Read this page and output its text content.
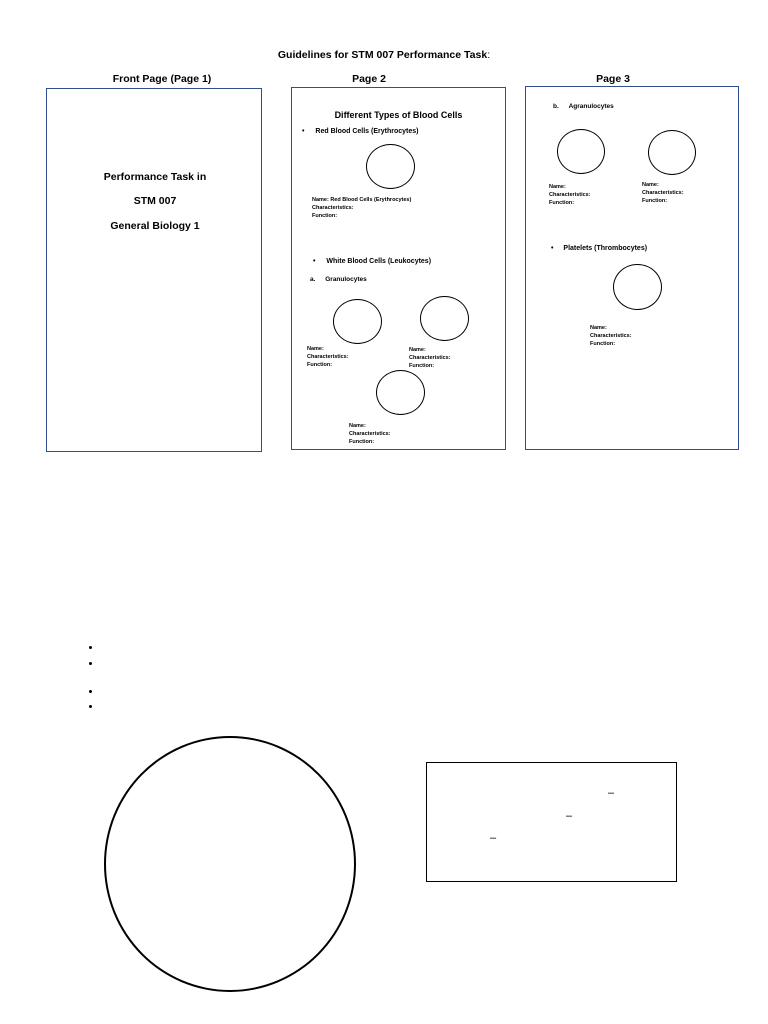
Guidelines for STM 007 Performance Task:
Front Page (Page 1)	Page 2	Page 3
Performance Task in
STM 007
General Biology 1
Different Types of Blood Cells
• Red Blood Cells (Erythrocytes)
Name: Red Blood Cells (Erythrocytes)
Characteristics:
Function:
• White Blood Cells (Leukocytes)
a. Granulocytes
Name:
Characteristics:
Function:
Name:
Characteristics:
Function:
Name:
Characteristics:
Function:
b. Agranulocytes
Name:
Characteristics:
Function:
Name:
Characteristics:
Function:
• Platelets (Thrombocytes)
Name:
Characteristics:
Function:
–
–
–
